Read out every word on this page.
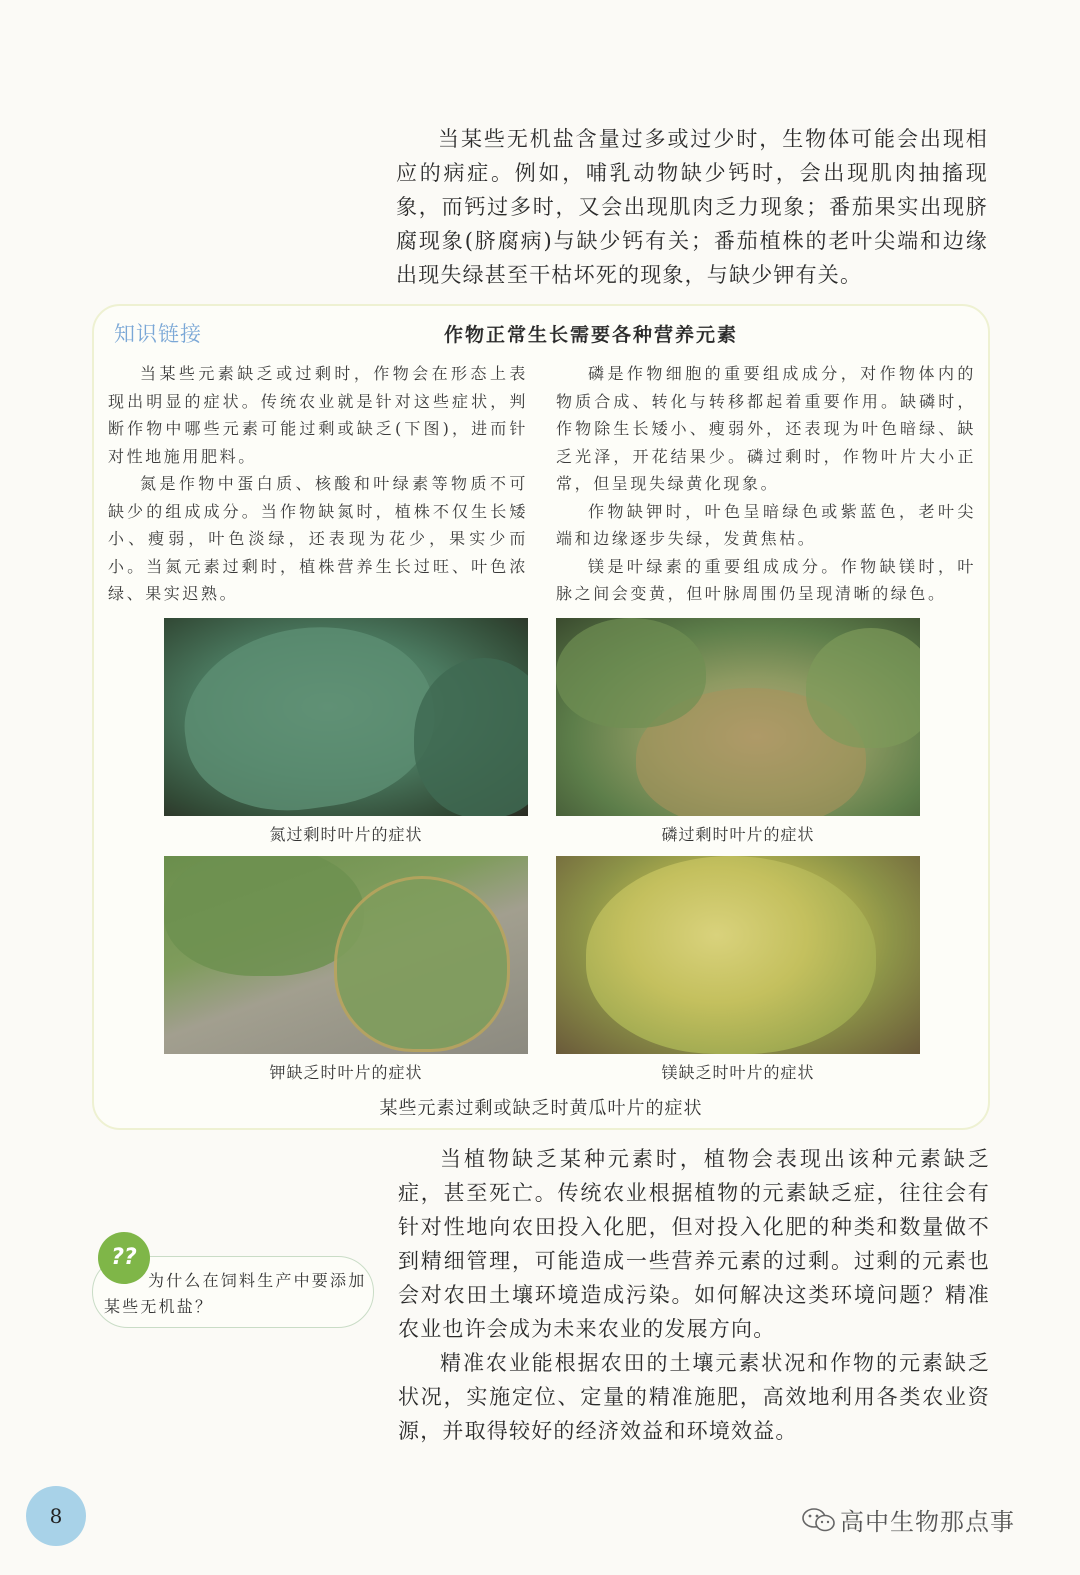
当某些无机盐含量过多或过少时，生物体可能会出现相应的病症。例如，哺乳动物缺少钙时，会出现肌肉抽搐现象，而钙过多时，又会出现肌肉乏力现象；番茄果实出现脐腐现象(脐腐病)与缺少钙有关；番茄植株的老叶尖端和边缘出现失绿甚至干枯坏死的现象，与缺少钾有关。

知识链接	作物正常生长需要各种营养元素

当某些元素缺乏或过剩时，作物会在形态上表现出明显的症状。传统农业就是针对这些症状，判断作物中哪些元素可能过剩或缺乏(下图)，进而针对性地施用肥料。

氮是作物中蛋白质、核酸和叶绿素等物质不可缺少的组成成分。当作物缺氮时，植株不仅生长矮小、瘦弱，叶色淡绿，还表现为花少，果实少而小。当氮元素过剩时，植株营养生长过旺、叶色浓绿、果实迟熟。

磷是作物细胞的重要组成成分，对作物体内的物质合成、转化与转移都起着重要作用。缺磷时，作物除生长矮小、瘦弱外，还表现为叶色暗绿、缺乏光泽，开花结果少。磷过剩时，作物叶片大小正常，但呈现失绿黄化现象。

作物缺钾时，叶色呈暗绿色或紫蓝色，老叶尖端和边缘逐步失绿，发黄焦枯。

镁是叶绿素的重要组成成分。作物缺镁时，叶脉之间会变黄，但叶脉周围仍呈现清晰的绿色。

氮过剩时叶片的症状	磷过剩时叶片的症状
钾缺乏时叶片的症状	镁缺乏时叶片的症状
某些元素过剩或缺乏时黄瓜叶片的症状

当植物缺乏某种元素时，植物会表现出该种元素缺乏症，甚至死亡。传统农业根据植物的元素缺乏症，往往会有针对性地向农田投入化肥，但对投入化肥的种类和数量做不到精细管理，可能造成一些营养元素的过剩。过剩的元素也会对农田土壤环境造成污染。如何解决这类环境问题？精准农业也许会成为未来农业的发展方向。

精准农业能根据农田的土壤元素状况和作物的元素缺乏状况，实施定位、定量的精准施肥，高效地利用各类农业资源，并取得较好的经济效益和环境效益。

??
为什么在饲料生产中要添加某些无机盐？
8	高中生物那点事
